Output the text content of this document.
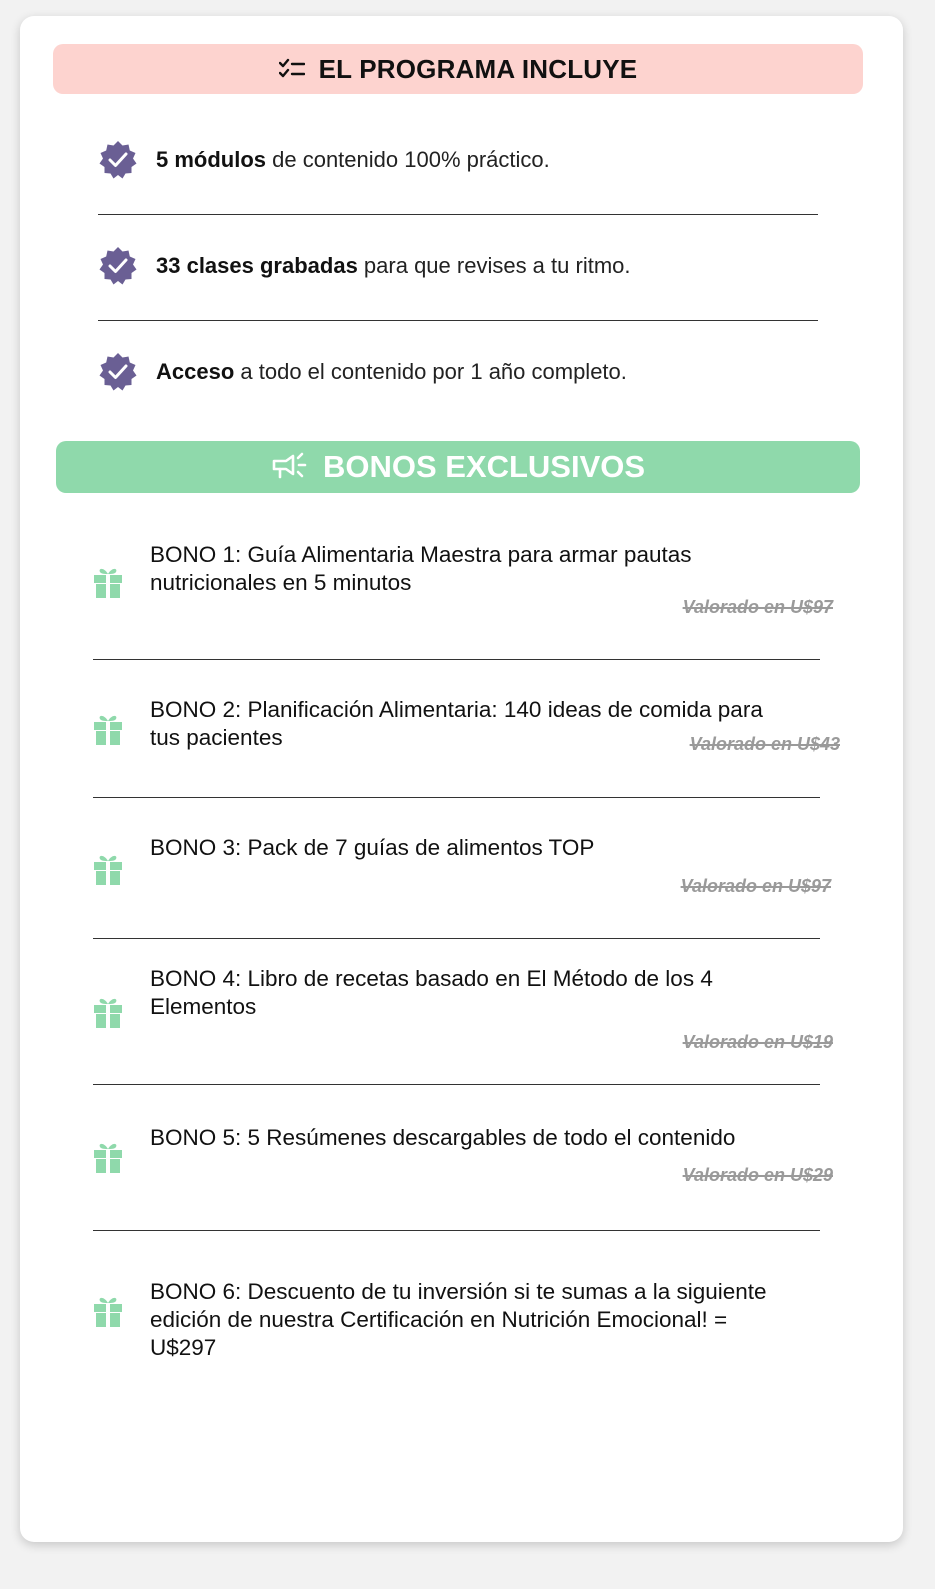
EL PROGRAMA INCLUYE
5 módulos de contenido 100% práctico.
33 clases grabadas para que revises a tu ritmo.
Acceso a todo el contenido por 1 año completo.
BONOS EXCLUSIVOS
BONO 1: Guía Alimentaria Maestra para armar pautas nutricionales en 5 minutos
Valorado en U$97
BONO 2: Planificación Alimentaria: 140 ideas de comida para tus pacientes	Valorado en U$43
BONO 3: Pack de 7 guías de alimentos TOP
Valorado en U$97
BONO 4: Libro de recetas basado en El Método de los 4 Elementos
Valorado en U$19
BONO 5: 5 Resúmenes descargables de todo el contenido
Valorado en U$29
BONO 6: Descuento de tu inversión si te sumas a la siguiente edición de nuestra Certificación en Nutrición Emocional! = U$297
